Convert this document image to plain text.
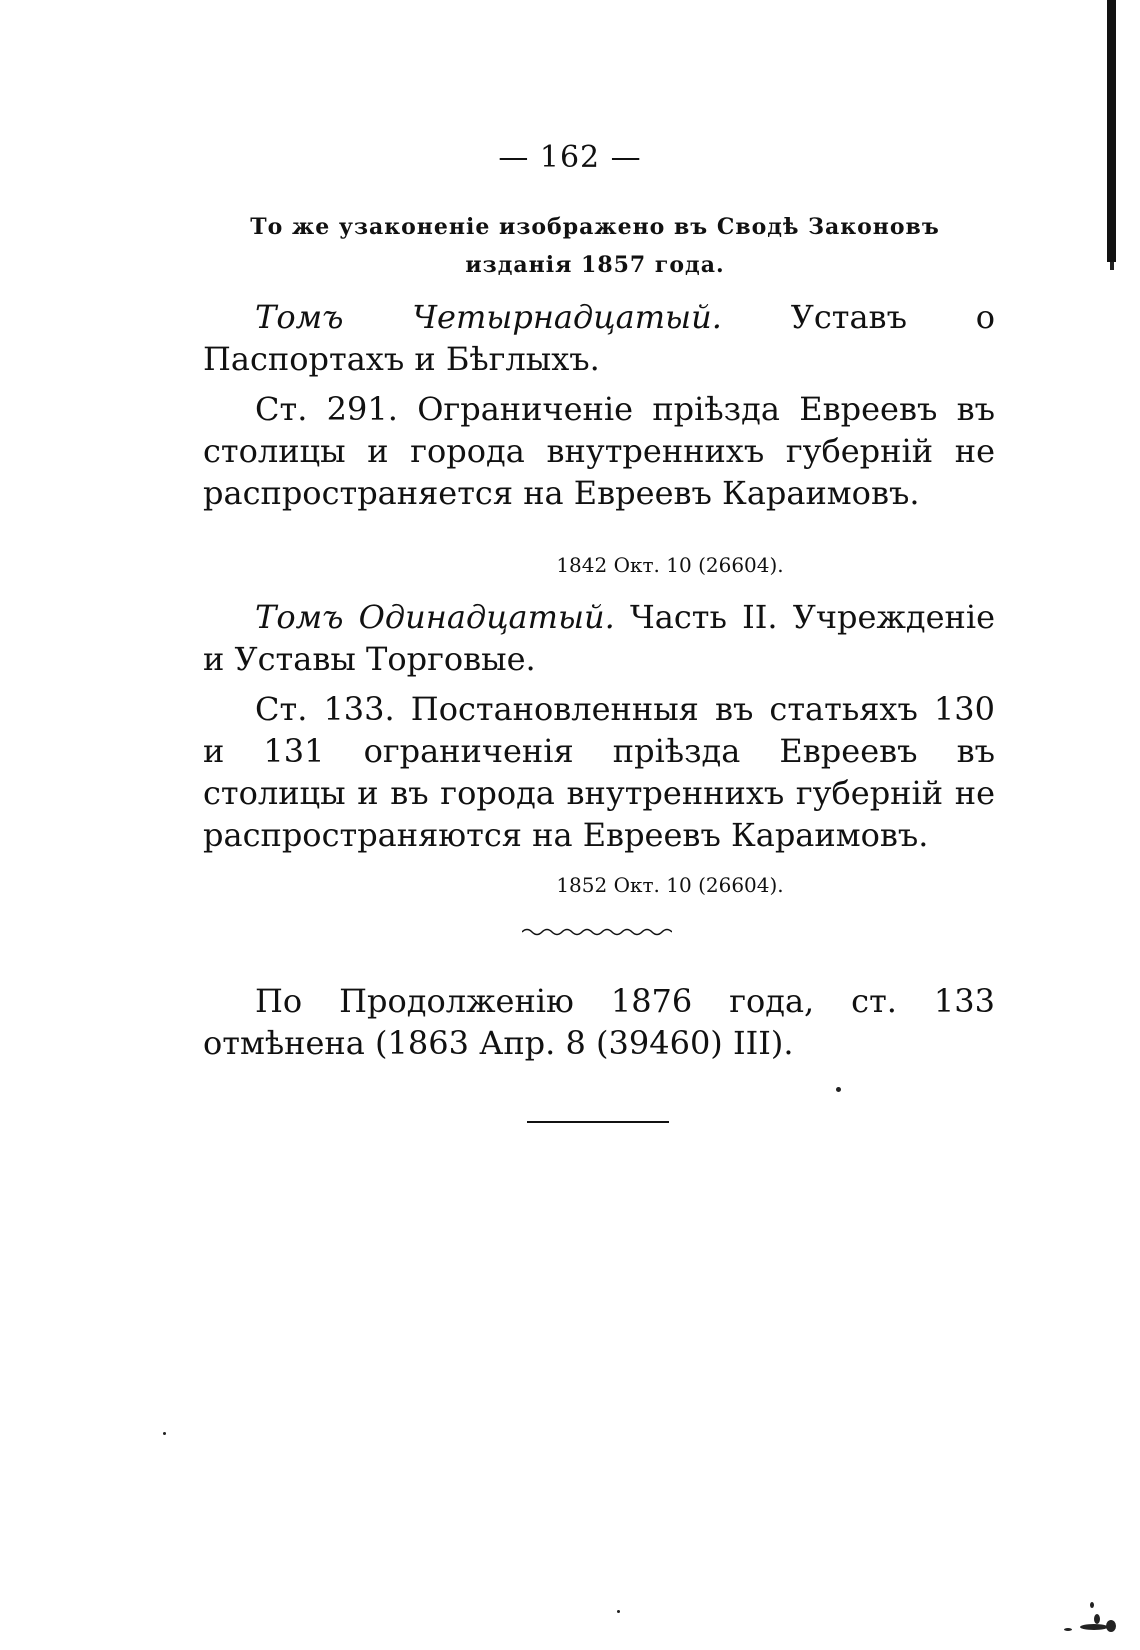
— 162 —
То же узаконеніе изображено въ Сводѣ Законовъ
изданія 1857 года.
Томъ Четырнадцатый. Уставъ о Паспортахъ и Бѣглыхъ.
Ст. 291. Ограниченіе пріѣзда Евреевъ въ столицы и города внутреннихъ губерній не распространяется на Евреевъ Караимовъ.
1842 Окт. 10 (26604).
Томъ Одинадцатый. Часть II. Учрежденіе и Уставы Торговые.
Ст. 133. Постановленныя въ статьяхъ 130 и 131 ограниченія пріѣзда Евреевъ въ столицы и въ города внутреннихъ губерній не распространяются на Евреевъ Караимовъ.
1852 Окт. 10 (26604).
По Продолженію 1876 года, ст. 133 отмѣнена (1863 Апр. 8 (39460) III).
